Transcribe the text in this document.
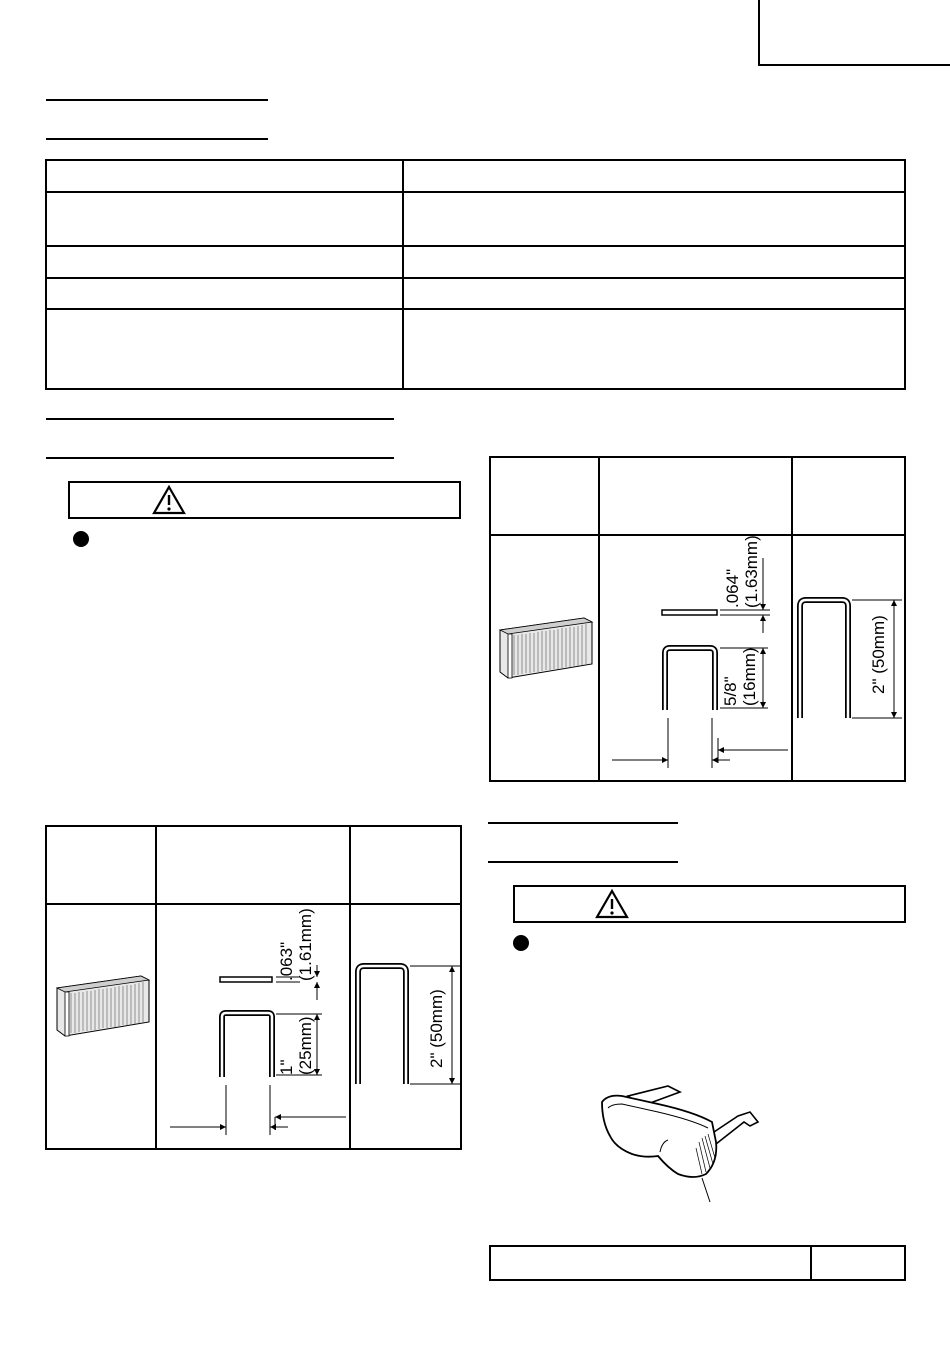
.063" (1.61mm)
1" (25mm)	2" (50mm)
.064" (1.63mm)
5/8" (16mm)	2" (50mm)
